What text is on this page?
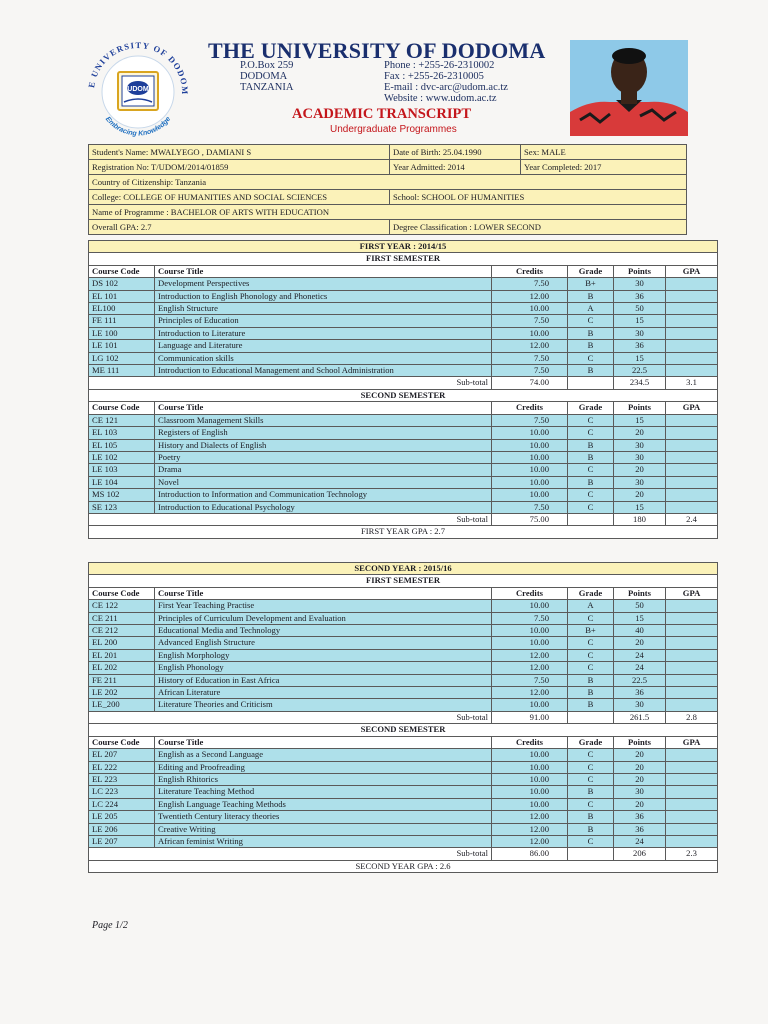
E UNIVERSITY OF DODOM
Embracing Knowledge
UDOM
THE UNIVERSITY OF DODOMA
P.O.Box 259
DODOMA
TANZANIA
Phone : +255-26-2310002
Fax : +255-26-2310005
E-mail : dvc-arc@udom.ac.tz
Website : www.udom.ac.tz
ACADEMIC TRANSCRIPT
Undergraduate Programmes
Student's Name: MWALYEGO , DAMIANI S	Date of Birth: 25.04.1990	Sex: MALE
Registration No: T/UDOM/2014/01859	Year Admitted: 2014	Year Completed: 2017
Country of Citizenship: Tanzania		
College: COLLEGE OF HUMANITIES AND SOCIAL SCIENCES	School: SCHOOL OF HUMANITIES	
Name of Programme : BACHELOR OF ARTS WITH EDUCATION		
Overall GPA: 2.7	Degree Classification : LOWER SECOND	
FIRST YEAR : 2014/15					
FIRST SEMESTER					
Course Code	Course Title	Credits	Grade	Points	GPA
DS 102	Development Perspectives	7.50	B+	30	
EL 101	Introduction to English Phonology and Phonetics	12.00	B	36	
EL100	English Structure	10.00	A	50	
FE 111	Principles of Education	7.50	C	15	
LE 100	Introduction to Literature	10.00	B	30	
LE 101	Language and Literature	12.00	B	36	
LG 102	Communication skills	7.50	C	15	
ME 111	Introduction to Educational Management and School Administration	7.50	B	22.5	
Sub-total		74.00		234.5	3.1
SECOND SEMESTER					
Course Code	Course Title	Credits	Grade	Points	GPA
CE 121	Classroom Management Skills	7.50	C	15	
EL 103	Registers of English	10.00	C	20	
EL 105	History and Dialects of English	10.00	B	30	
LE 102	Poetry	10.00	B	30	
LE 103	Drama	10.00	C	20	
LE 104	Novel	10.00	B	30	
MS 102	Introduction to Information and Communication Technology	10.00	C	20	
SE 123	Introduction to Educational Psychology	7.50	C	15	
Sub-total		75.00		180	2.4
FIRST YEAR GPA : 2.7					
SECOND YEAR : 2015/16					
FIRST SEMESTER					
Course Code	Course Title	Credits	Grade	Points	GPA
CE 122	First Year Teaching Practise	10.00	A	50	
CE 211	Principles of Curriculum Development and Evaluation	7.50	C	15	
CE 212	Educational Media and Technology	10.00	B+	40	
EL 200	Advanced English Structure	10.00	C	20	
EL 201	English Morphology	12.00	C	24	
EL 202	English Phonology	12.00	C	24	
FE 211	History of Education in East Africa	7.50	B	22.5	
LE 202	African Literature	12.00	B	36	
LE_200	Literature Theories and Criticism	10.00	B	30	
Sub-total		91.00		261.5	2.8
SECOND SEMESTER					
Course Code	Course Title	Credits	Grade	Points	GPA
EL 207	English as a Second Language	10.00	C	20	
EL 222	Editing and Proofreading	10.00	C	20	
EL 223	English Rhitorics	10.00	C	20	
LC 223	Literature Teaching Method	10.00	B	30	
LC 224	English Language Teaching Methods	10.00	C	20	
LE 205	Twentieth Century literacy theories	12.00	B	36	
LE 206	Creative Writing	12.00	B	36	
LE 207	African feminist Writing	12.00	C	24	
Sub-total		86.00		206	2.3
SECOND YEAR GPA : 2.6					
Page 1/2
